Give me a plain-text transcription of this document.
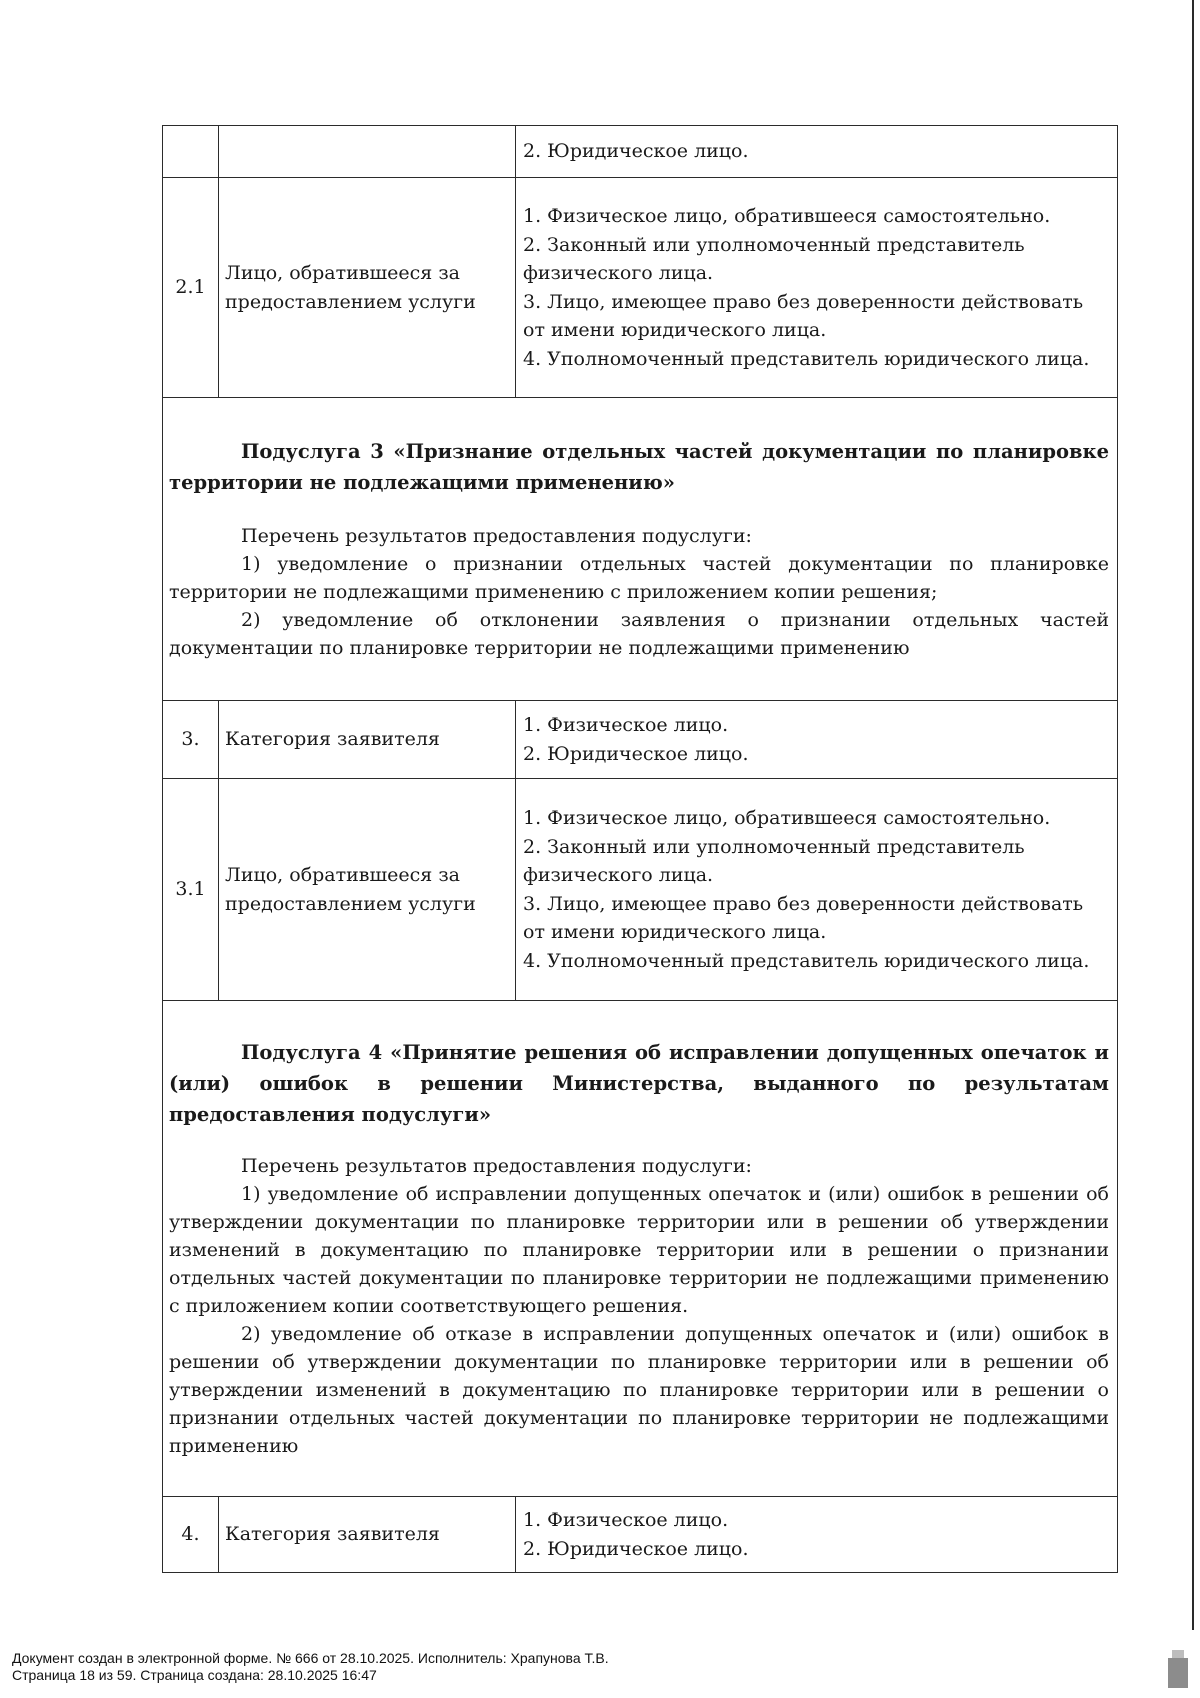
		2. Юридическое лицо.

2.1	Лицо, обратившееся за предоставлением услуги	1. Физическое лицо, обратившееся самостоятельно.
2. Законный или уполномоченный представитель физического лица.
3. Лицо, имеющее право без доверенности действовать от имени юридического лица.
4. Уполномоченный представитель юридического лица.

Подуслуга 3 «Признание отдельных частей документации по планировке территории не подлежащими применению»

Перечень результатов предоставления подуслуги:

1) уведомление о признании отдельных частей документации по планировке территории не подлежащими применению с приложением копии решения;

2) уведомление об отклонении заявления о признании отдельных частей документации по планировке территории не подлежащими применению		

3.	Категория заявителя	1. Физическое лицо.
2. Юридическое лицо.

3.1	Лицо, обратившееся за предоставлением услуги	1. Физическое лицо, обратившееся самостоятельно.
2. Законный или уполномоченный представитель физического лица.
3. Лицо, имеющее право без доверенности действовать от имени юридического лица.
4. Уполномоченный представитель юридического лица.

Подуслуга 4 «Принятие решения об исправлении допущенных опечаток и (или) ошибок в решении Министерства, выданного по результатам предоставления подуслуги»

Перечень результатов предоставления подуслуги:

1) уведомление об исправлении допущенных опечаток и (или) ошибок в решении об утверждении документации по планировке территории или в решении об утверждении изменений в документацию по планировке территории или в решении о признании отдельных частей документации по планировке территории не подлежащими применению с приложением копии соответствующего решения.

2) уведомление об отказе в исправлении допущенных опечаток и (или) ошибок в решении об утверждении документации по планировке территории или в решении об утверждении изменений в документацию по планировке территории или в решении о признании отдельных частей документации по планировке территории не подлежащими применению		

4.	Категория заявителя	1. Физическое лицо.
2. Юридическое лицо.
Документ создан в электронной форме. № 666 от 28.10.2025. Исполнитель: Храпунова Т.В.
Страница 18 из 59. Страница создана: 28.10.2025 16:47
